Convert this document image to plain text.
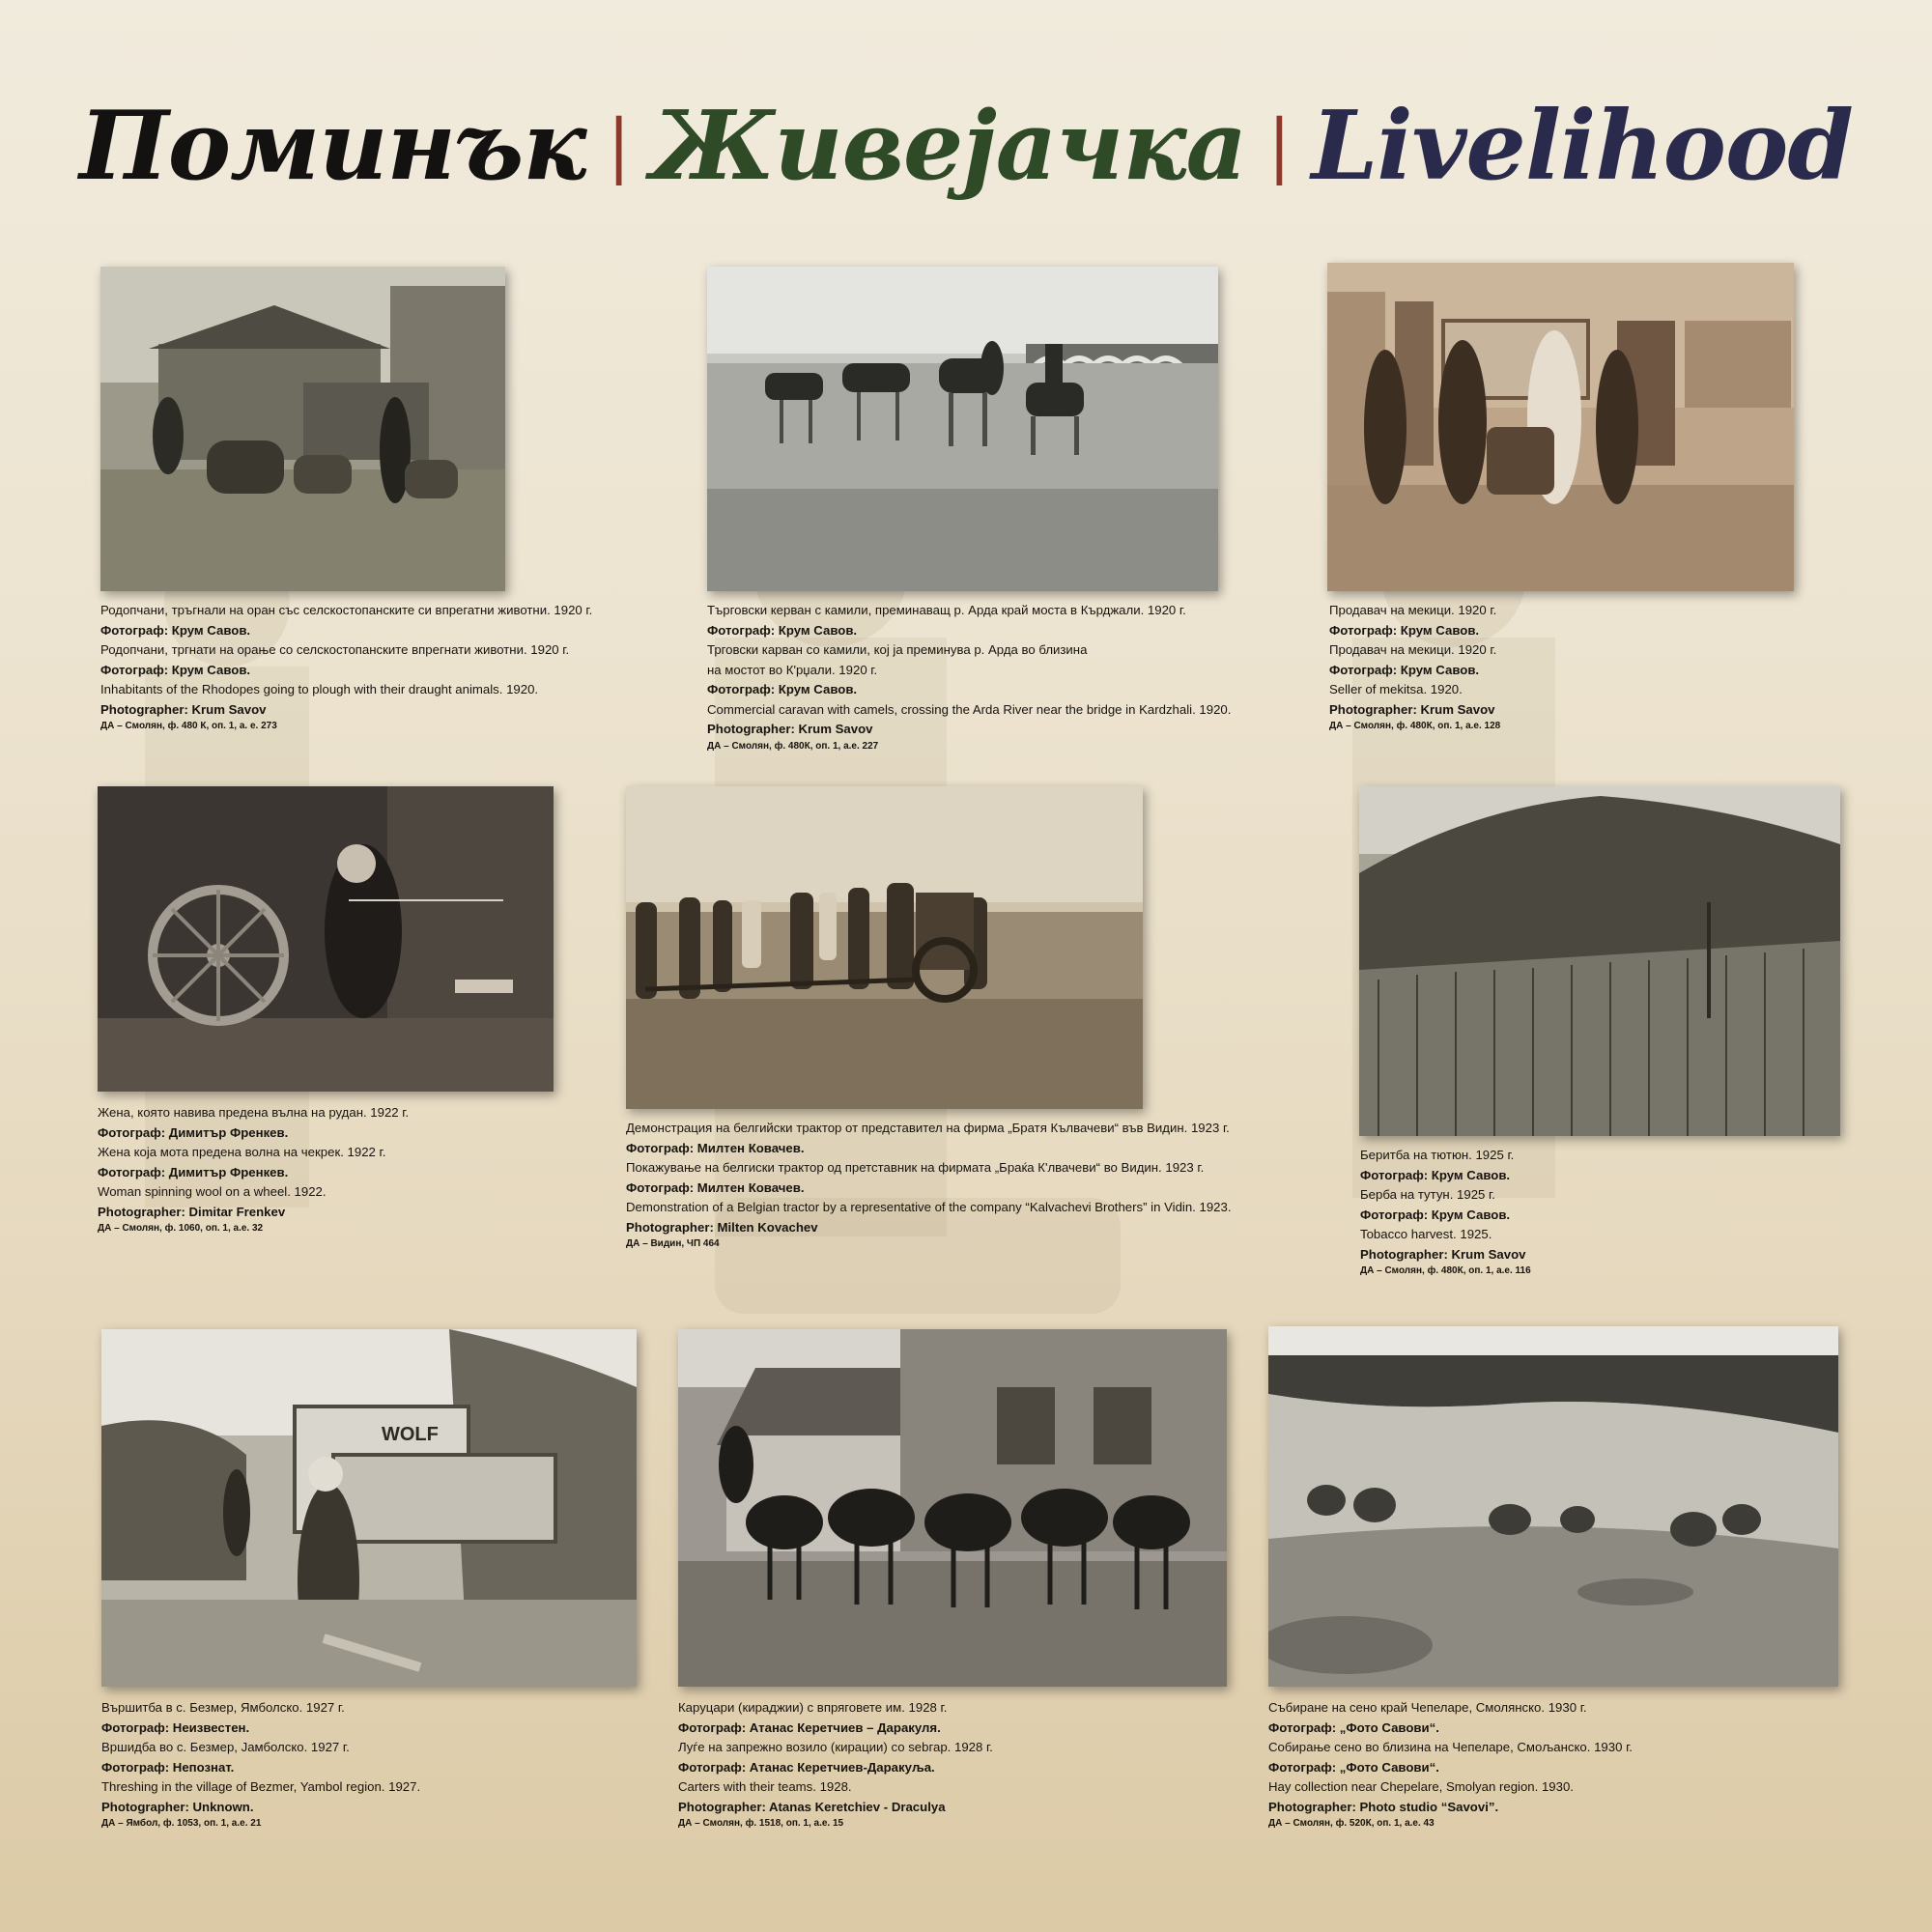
Поминък | Живејачка | Livelihood
Родопчани, тръгнали на оран със селскостопанските си впрегатни животни. 1920 г.
Фотограф: Крум Савов.
Родопчани, тргнати на орање со селскостопанските впрегнати животни. 1920 г.
Фотограф: Крум Савов.
Inhabitants of the Rhodopes going to plough with their draught animals. 1920.
Photographer: Krum Savov
ДА – Смолян, ф. 480 К, оп. 1, а. е. 273
Търговски керван с камили, преминаващ р. Арда край моста в Кърджали. 1920 г.
Фотограф: Крум Савов.
Трговски карван со камили, кој ја преминува р. Арда во близина
на мостот во К'рџали. 1920 г.
Фотограф: Крум Савов.
Commercial caravan with camels, crossing the Arda River near the bridge in Kardzhali. 1920.
Photographer: Krum Savov
ДА – Смолян, ф. 480К, оп. 1, а.е. 227
Продавач на мекици. 1920 г.
Фотограф: Крум Савов.
Продавач на мекици. 1920 г.
Фотограф: Крум Савов.
Seller of mekitsa. 1920.
Photographer: Krum Savov
ДА – Смолян, ф. 480К, оп. 1, а.е. 128
Жена, която навива предена вълна на рудан. 1922 г.
Фотограф: Димитър Френкев.
Жена која мота предена волна на чекрек. 1922 г.
Фотограф: Димитър Френкев.
Woman spinning wool on a wheel. 1922.
Photographer: Dimitar Frenkev
ДА – Смолян, ф. 1060, оп. 1, а.е. 32
Демонстрация на белгийски трактор от представител на фирма „Братя Кълвачеви“ във Видин. 1923 г.
Фотограф: Милтен Ковачев.
Покажување на белгиски трактор од претставник на фирмата „Браќа К'лвачеви“ во Видин. 1923 г.
Фотограф: Милтен Ковачев.
Demonstration of a Belgian tractor by a representative of the company “Kalvachevi Brothers” in Vidin. 1923.
Photographer: Milten Kovachev
ДА – Видин, ЧП 464
Беритба на тютюн. 1925 г.
Фотограф: Крум Савов.
Берба на тутун. 1925 г.
Фотограф: Крум Савов.
Tobacco harvest. 1925.
Photographer: Krum Savov
ДА – Смолян, ф. 480К, оп. 1, а.е. 116
WOLF
Вършитба в с. Безмер, Ямболско. 1927 г.
Фотограф: Неизвестен.
Вршидба во с. Безмер, Јамболско. 1927 г.
Фотограф: Непознат.
Threshing in the village of Bezmer, Yambol region. 1927.
Photographer: Unknown.
ДА – Ямбол, ф. 1053, оп. 1, а.е. 21
Каруцари (кираджии) с впряговете им. 1928 г.
Фотограф: Атанас Керетчиев – Даракуля.
Луѓе на запрежно возило (кирации) со sebгар. 1928 г.
Фотограф: Атанас Керетчиев-Даракуља.
Carters with their teams. 1928.
Photographer: Atanas Keretchiev - Draculya
ДА – Смолян, ф. 1518, оп. 1, а.е. 15
Събиране на сено край Чепеларе, Смолянско. 1930 г.
Фотограф: „Фото Савови“.
Собирање сено во близина на Чепеларе, Смољанско. 1930 г.
Фотограф: „Фото Савови“.
Hay collection near Chepelare, Smolyan region. 1930.
Photographer: Photo studio “Savovi”.
ДА – Смолян, ф. 520К, оп. 1, а.е. 43
